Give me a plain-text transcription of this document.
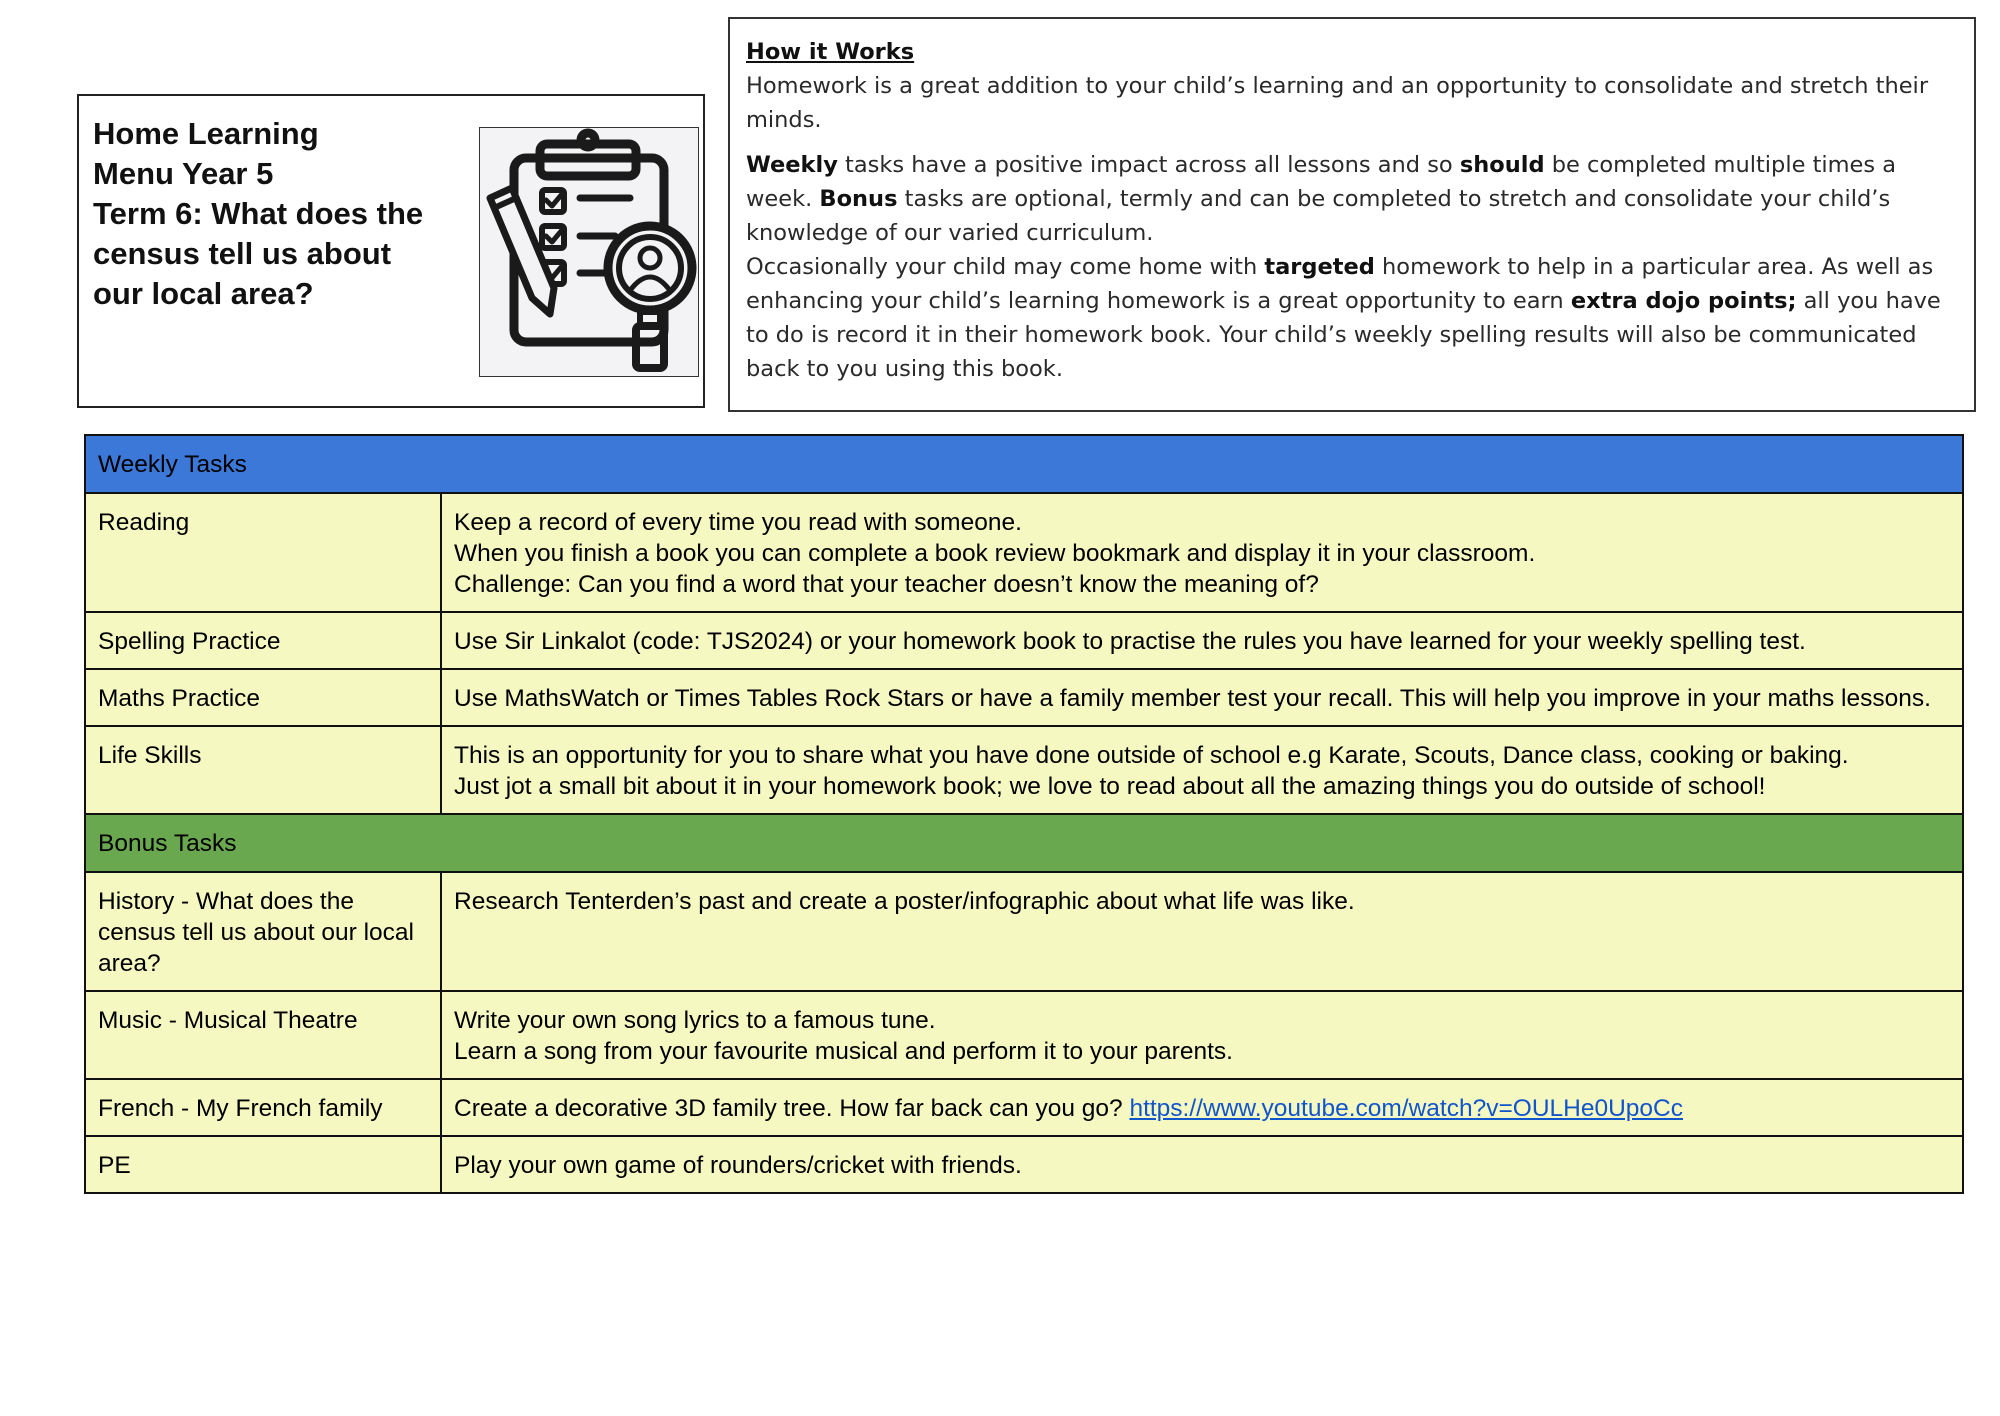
Home Learning
Menu Year 5
Term 6: What does the
census tell us about
our local area?

How it Works

Homework is a great addition to your child’s learning and an opportunity to consolidate and stretch their minds.

Weekly tasks have a positive impact across all lessons and so should be completed multiple times a week. Bonus tasks are optional, termly and can be completed to stretch and consolidate your child’s knowledge of our varied curriculum.

Occasionally your child may come home with targeted homework to help in a particular area. As well as enhancing your child’s learning homework is a great opportunity to earn extra dojo points; all you have to do is record it in their homework book. Your child’s weekly spelling results will also be communicated back to you using this book.

Weekly Tasks	
Reading	Keep a record of every time you read with someone.
When you finish a book you can complete a book review bookmark and display it in your classroom.
Challenge: Can you find a word that your teacher doesn’t know the meaning of?

Spelling Practice	Use Sir Linkalot (code: TJS2024) or your homework book to practise the rules you have learned for your weekly spelling test.

Maths Practice	Use MathsWatch or Times Tables Rock Stars or have a family member test your recall. This will help you improve in your maths lessons.

Life Skills	This is an opportunity for you to share what you have done outside of school e.g Karate, Scouts, Dance class, cooking or baking.
Just jot a small bit about it in your homework book; we love to read about all the amazing things you do outside of school!

Bonus Tasks	
History - What does the census tell us about our local area?	Research Tenterden’s past and create a poster/infographic about what life was like.

Music - Musical Theatre	Write your own song lyrics to a famous tune.
Learn a song from your favourite musical and perform it to your parents.

French - My French family	Create a decorative 3D family tree. How far back can you go? https://www.youtube.com/watch?v=OULHe0UpoCc
PE	Play your own game of rounders/cricket with friends.
